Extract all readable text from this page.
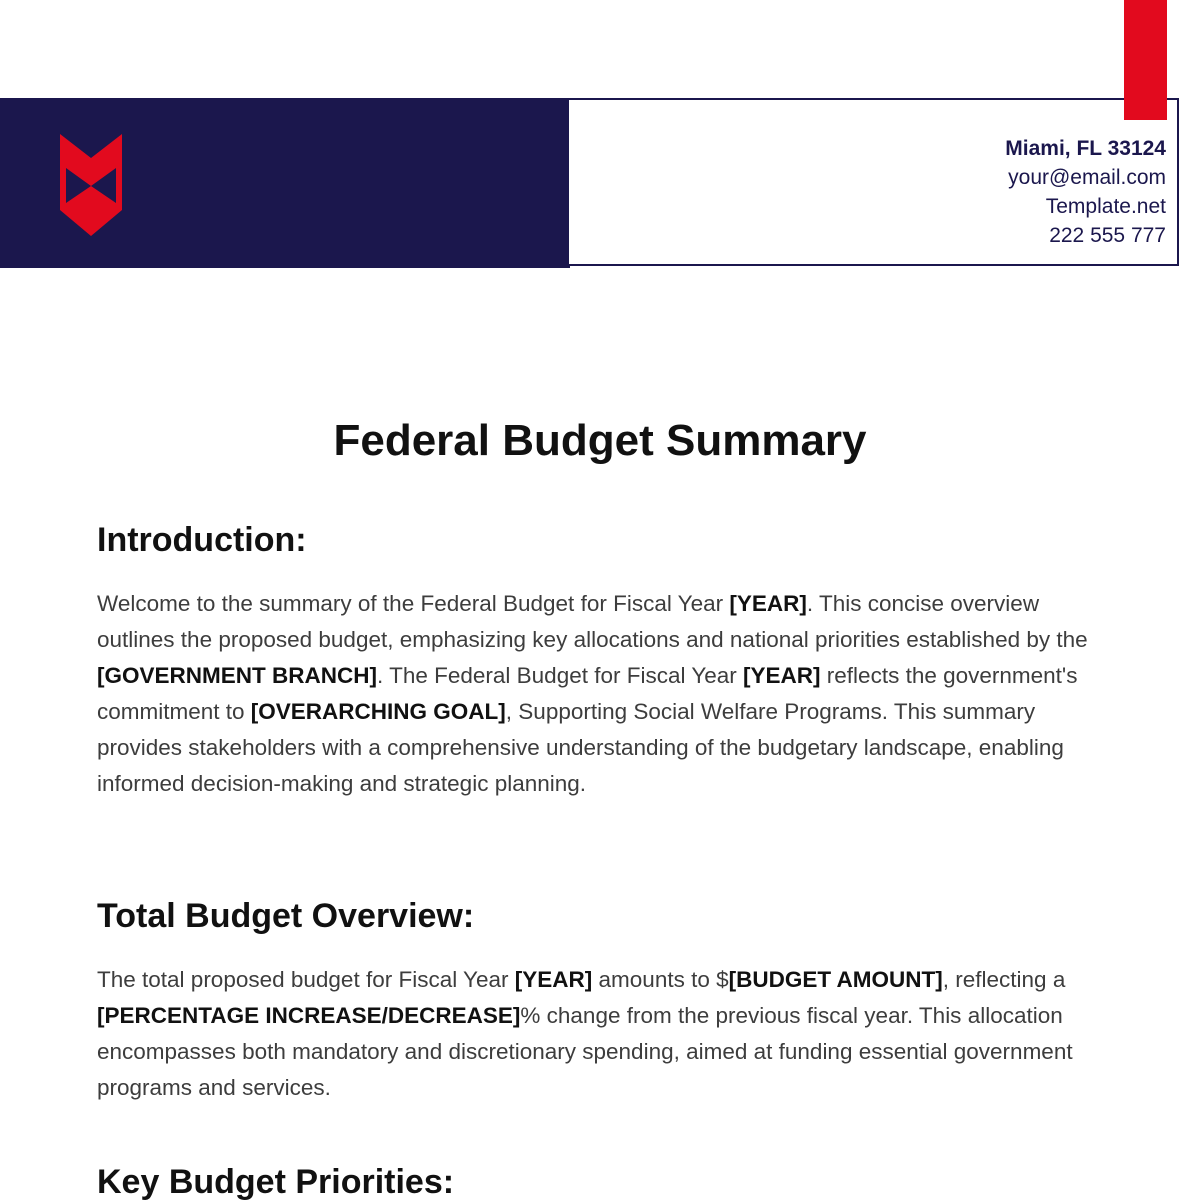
Miami, FL 33124
your@email.com
Template.net
222 555 777
Federal Budget Summary
Introduction:

Welcome to the summary of the Federal Budget for Fiscal Year [YEAR]. This concise overview outlines the proposed budget, emphasizing key allocations and national priorities established by the [GOVERNMENT BRANCH]. The Federal Budget for Fiscal Year [YEAR] reflects the government's commitment to [OVERARCHING GOAL], Supporting Social Welfare Programs. This summary provides stakeholders with a comprehensive understanding of the budgetary landscape, enabling informed decision-making and strategic planning.

Total Budget Overview:

The total proposed budget for Fiscal Year [YEAR] amounts to $[BUDGET AMOUNT], reflecting a [PERCENTAGE INCREASE/DECREASE]% change from the previous fiscal year. This allocation encompasses both mandatory and discretionary spending, aimed at funding essential government programs and services.

Key Budget Priorities:
